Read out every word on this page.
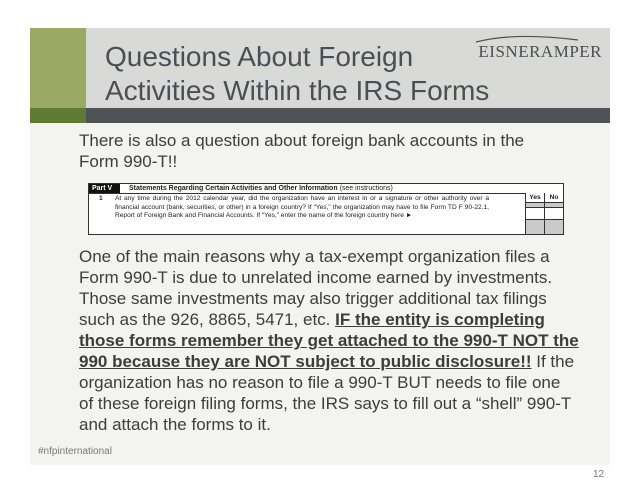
Questions About Foreign
Activities Within the IRS Forms
EISNERAMPER
There is also a question about foreign bank accounts in the
Form 990-T!!
Part V	Statements Regarding Certain Activities and Other Information (see instructions)
1 At any time during the 2012 calendar year, did the organization have an interest in or a signature or other authority over a financial account (bank, securities, or other) in a foreign country? If “Yes,” the organization may have to file Form TD F 90-22.1, Report of Foreign Bank and Financial Accounts. If “Yes,” enter the name of the foreign country here ►
Yes	No
One of the main reasons why a tax-exempt organization files a Form 990-T is due to unrelated income earned by investments. Those same investments may also trigger additional tax filings such as the 926, 8865, 5471, etc. IF the entity is completing those forms remember they get attached to the 990-T NOT the 990 because they are NOT subject to public disclosure!! If the organization has no reason to file a 990-T BUT needs to file one of these foreign filing forms, the IRS says to fill out a “shell” 990-T and attach the forms to it.
12
#nfpinternational
